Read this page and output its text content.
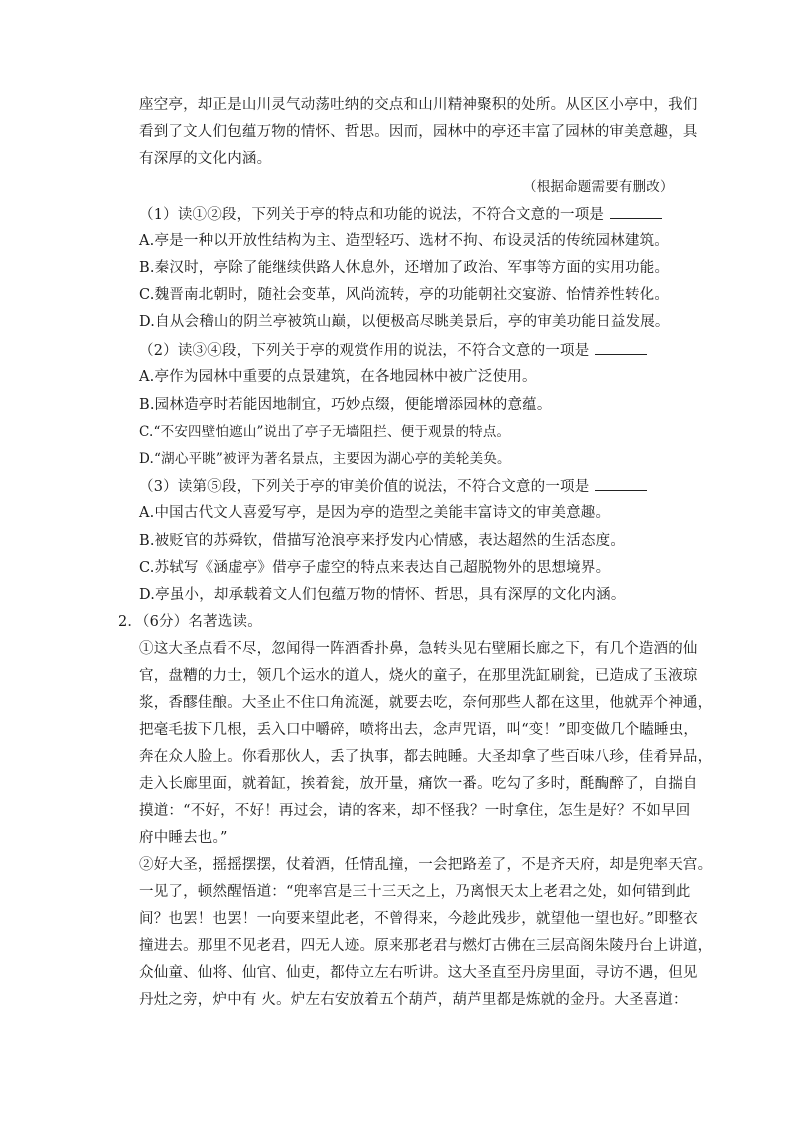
座空亭，却正是山川灵气动荡吐纳的交点和山川精神聚积的处所。从区区小亭中，我们
看到了文人们包蕴万物的情怀、哲思。因而，园林中的亭还丰富了园林的审美意趣，具
有深厚的文化内涵。
（根据命题需要有删改）
（1）读①②段，下列关于亭的特点和功能的说法，不符合文意的一项是
A.亭是一种以开放性结构为主、造型轻巧、选材不拘、布设灵活的传统园林建筑。
B.秦汉时，亭除了能继续供路人休息外，还增加了政治、军事等方面的实用功能。
C.魏晋南北朝时，随社会变革，风尚流转，亭的功能朝社交宴游、怡情养性转化。
D.自从会稽山的阴兰亭被筑山巅，以便极高尽眺美景后，亭的审美功能日益发展。
（2）读③④段，下列关于亭的观赏作用的说法，不符合文意的一项是
A.亭作为园林中重要的点景建筑，在各地园林中被广泛使用。
B.园林造亭时若能因地制宜，巧妙点缀，便能增添园林的意蕴。
C.“不安四壁怕遮山”说出了亭子无墙阻拦、便于观景的特点。
D.“湖心平眺”被评为著名景点，主要因为湖心亭的美轮美奂。
（3）读第⑤段，下列关于亭的审美价值的说法，不符合文意的一项是
A.中国古代文人喜爱写亭，是因为亭的造型之美能丰富诗文的审美意趣。
B.被贬官的苏舜钦，借描写沧浪亭来抒发内心情感，表达超然的生活态度。
C.苏轼写《涵虚亭》借亭子虚空的特点来表达自己超脱物外的思想境界。
D.亭虽小，却承载着文人们包蕴万物的情怀、哲思，具有深厚的文化内涵。
2．（6分）名著选读。
①这大圣点看不尽，忽闻得一阵酒香扑鼻，急转头见右壁厢长廊之下，有几个造酒的仙
官，盘糟的力士，领几个运水的道人，烧火的童子，在那里洗缸刷瓮，已造成了玉液琼
浆，香醪佳酿。大圣止不住口角流涎，就要去吃，奈何那些人都在这里，他就弄个神通，
把毫毛拔下几根，丢入口中嚼碎，喷将出去，念声咒语，叫“变！”即变做几个瞌睡虫，
奔在众人脸上。你看那伙人，丢了执事，都去盹睡。大圣却拿了些百味八珍，佳肴异品，
走入长廊里面，就着缸，挨着瓮，放开量，痛饮一番。吃勾了多时，酕醄醉了，自揣自
摸道：“不好，不好！再过会，请的客来，却不怪我？一时拿住，怎生是好？不如早回
府中睡去也。”
②好大圣，摇摇摆摆，仗着酒，任情乱撞，一会把路差了，不是齐天府，却是兜率天宫。
一见了，顿然醒悟道：“兜率宫是三十三天之上，乃离恨天太上老君之处，如何错到此
间？也罢！也罢！一向要来望此老，不曾得来，今趁此残步，就望他一望也好。”即整衣
撞进去。那里不见老君，四无人迹。原来那老君与燃灯古佛在三层高阁朱陵丹台上讲道，
众仙童、仙将、仙官、仙吏，都侍立左右听讲。这大圣直至丹房里面，寻访不遇，但见
丹灶之旁，炉中有 火。炉左右安放着五个葫芦，葫芦里都是炼就的金丹。大圣喜道：
